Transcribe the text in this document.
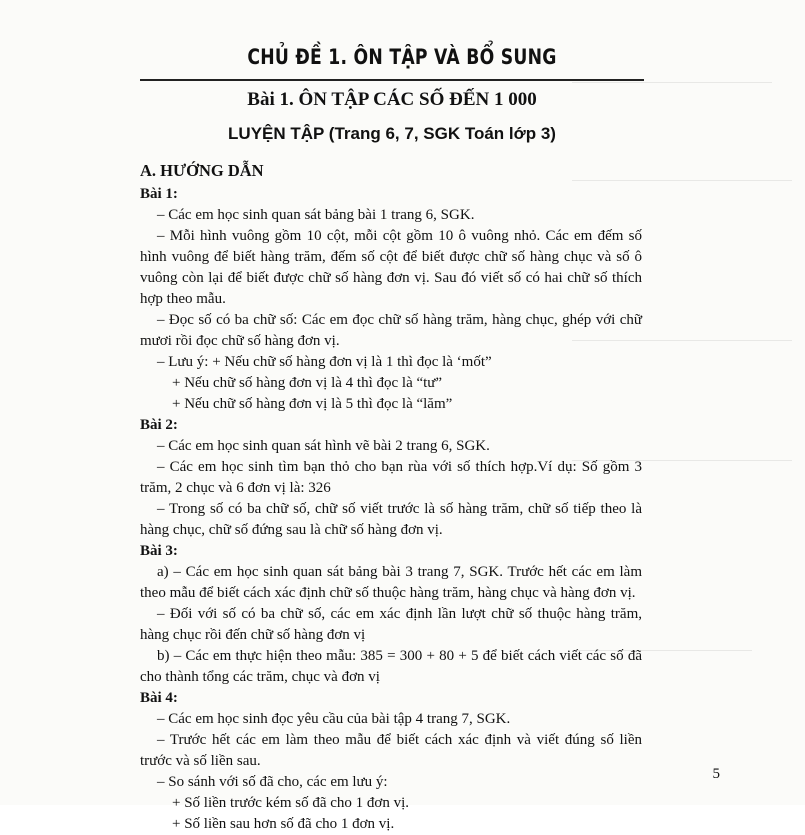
CHỦ ĐỀ 1. ÔN TẬP VÀ BỔ SUNG
Bài 1. ÔN TẬP CÁC SỐ ĐẾN 1 000
LUYỆN TẬP (Trang 6, 7, SGK Toán lớp 3)
A. HƯỚNG DẪN

Bài 1:

– Các em học sinh quan sát bảng bài 1 trang 6, SGK.

– Mỗi hình vuông gồm 10 cột, mỗi cột gồm 10 ô vuông nhỏ. Các em đếm số hình vuông để biết hàng trăm, đếm số cột để biết được chữ số hàng chục và số ô vuông còn lại để biết được chữ số hàng đơn vị. Sau đó viết số có hai chữ số thích hợp theo mẫu.

– Đọc số có ba chữ số: Các em đọc chữ số hàng trăm, hàng chục, ghép với chữ mươi rồi đọc chữ số hàng đơn vị.

– Lưu ý: + Nếu chữ số hàng đơn vị là 1 thì đọc là ‘mốt”

+ Nếu chữ số hàng đơn vị là 4 thì đọc là “tư”

+ Nếu chữ số hàng đơn vị là 5 thì đọc là “lăm”

Bài 2:

– Các em học sinh quan sát hình vẽ bài 2 trang 6, SGK.

– Các em học sinh tìm bạn thỏ cho bạn rùa với số thích hợp.Ví dụ: Số gồm 3 trăm, 2 chục và 6 đơn vị là: 326

– Trong số có ba chữ số, chữ số viết trước là số hàng trăm, chữ số tiếp theo là hàng chục, chữ số đứng sau là chữ số hàng đơn vị.

Bài 3:

a) – Các em học sinh quan sát bảng bài 3 trang 7, SGK. Trước hết các em làm theo mẫu để biết cách xác định chữ số thuộc hàng trăm, hàng chục và hàng đơn vị.

– Đối với số có ba chữ số, các em xác định lần lượt chữ số thuộc hàng trăm, hàng chục rồi đến chữ số hàng đơn vị

b) – Các em thực hiện theo mẫu: 385 = 300 + 80 + 5 để biết cách viết các số đã cho thành tổng các trăm, chục và đơn vị

Bài 4:

– Các em học sinh đọc yêu cầu của bài tập 4 trang 7, SGK.

– Trước hết các em làm theo mẫu để biết cách xác định và viết đúng số liền trước và số liền sau.

– So sánh với số đã cho, các em lưu ý:

+ Số liền trước kém số đã cho 1 đơn vị.

+ Số liền sau hơn số đã cho 1 đơn vị.

5
